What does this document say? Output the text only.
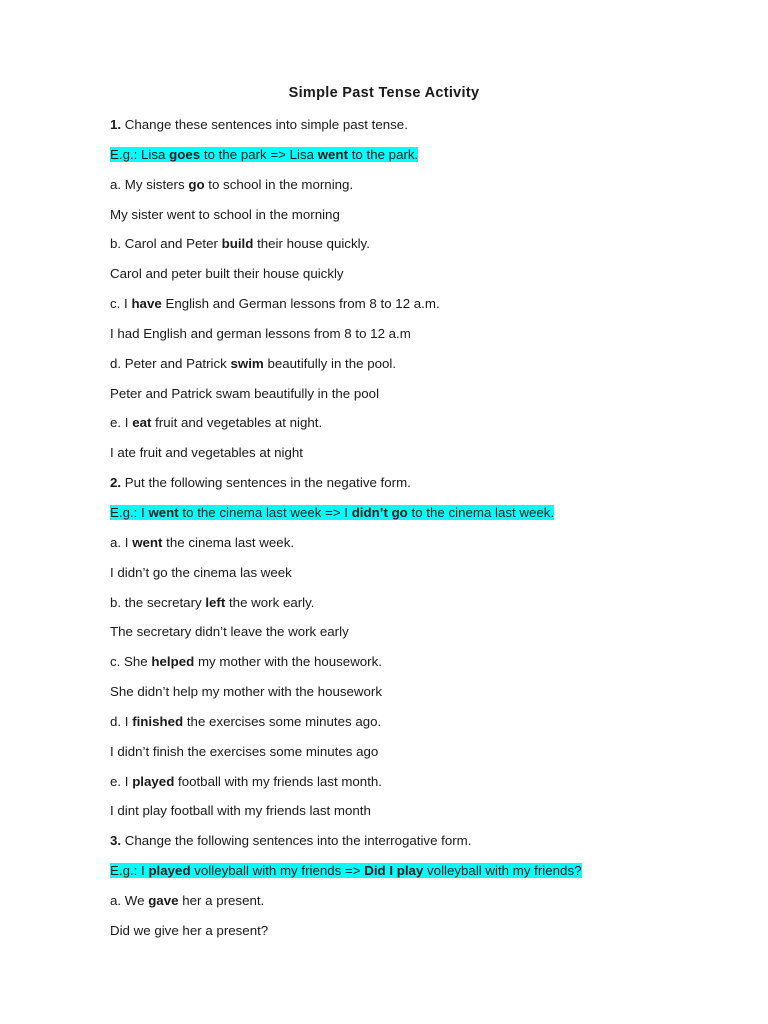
Simple Past Tense Activity
1. Change these sentences into simple past tense.
E.g.: Lisa goes to the park => Lisa went to the park.
a. My sisters go to school in the morning.
My sister went to school in the morning
b. Carol and Peter build their house quickly.
Carol and peter built their house quickly
c. I have English and German lessons from 8 to 12 a.m.
I had English and german lessons from 8 to 12 a.m
d. Peter and Patrick swim beautifully in the pool.
Peter and Patrick swam beautifully in the pool
e. I eat fruit and vegetables at night.
I ate fruit and vegetables at night
2. Put the following sentences in the negative form.
E.g.: I went to the cinema last week => I didn’t go to the cinema last week.
a. I went the cinema last week.
I didn’t go the cinema las week
b. the secretary left the work early.
The secretary didn’t leave the work early
c. She helped my mother with the housework.
She didn’t help my mother with the housework
d. I finished the exercises some minutes ago.
I didn’t finish the exercises some minutes ago
e. I played football with my friends last month.
I dint play football with my friends last month
3. Change the following sentences into the interrogative form.
E.g.: I played volleyball with my friends => Did I play volleyball with my friends?
a. We gave her a present.
Did we give her a present?
